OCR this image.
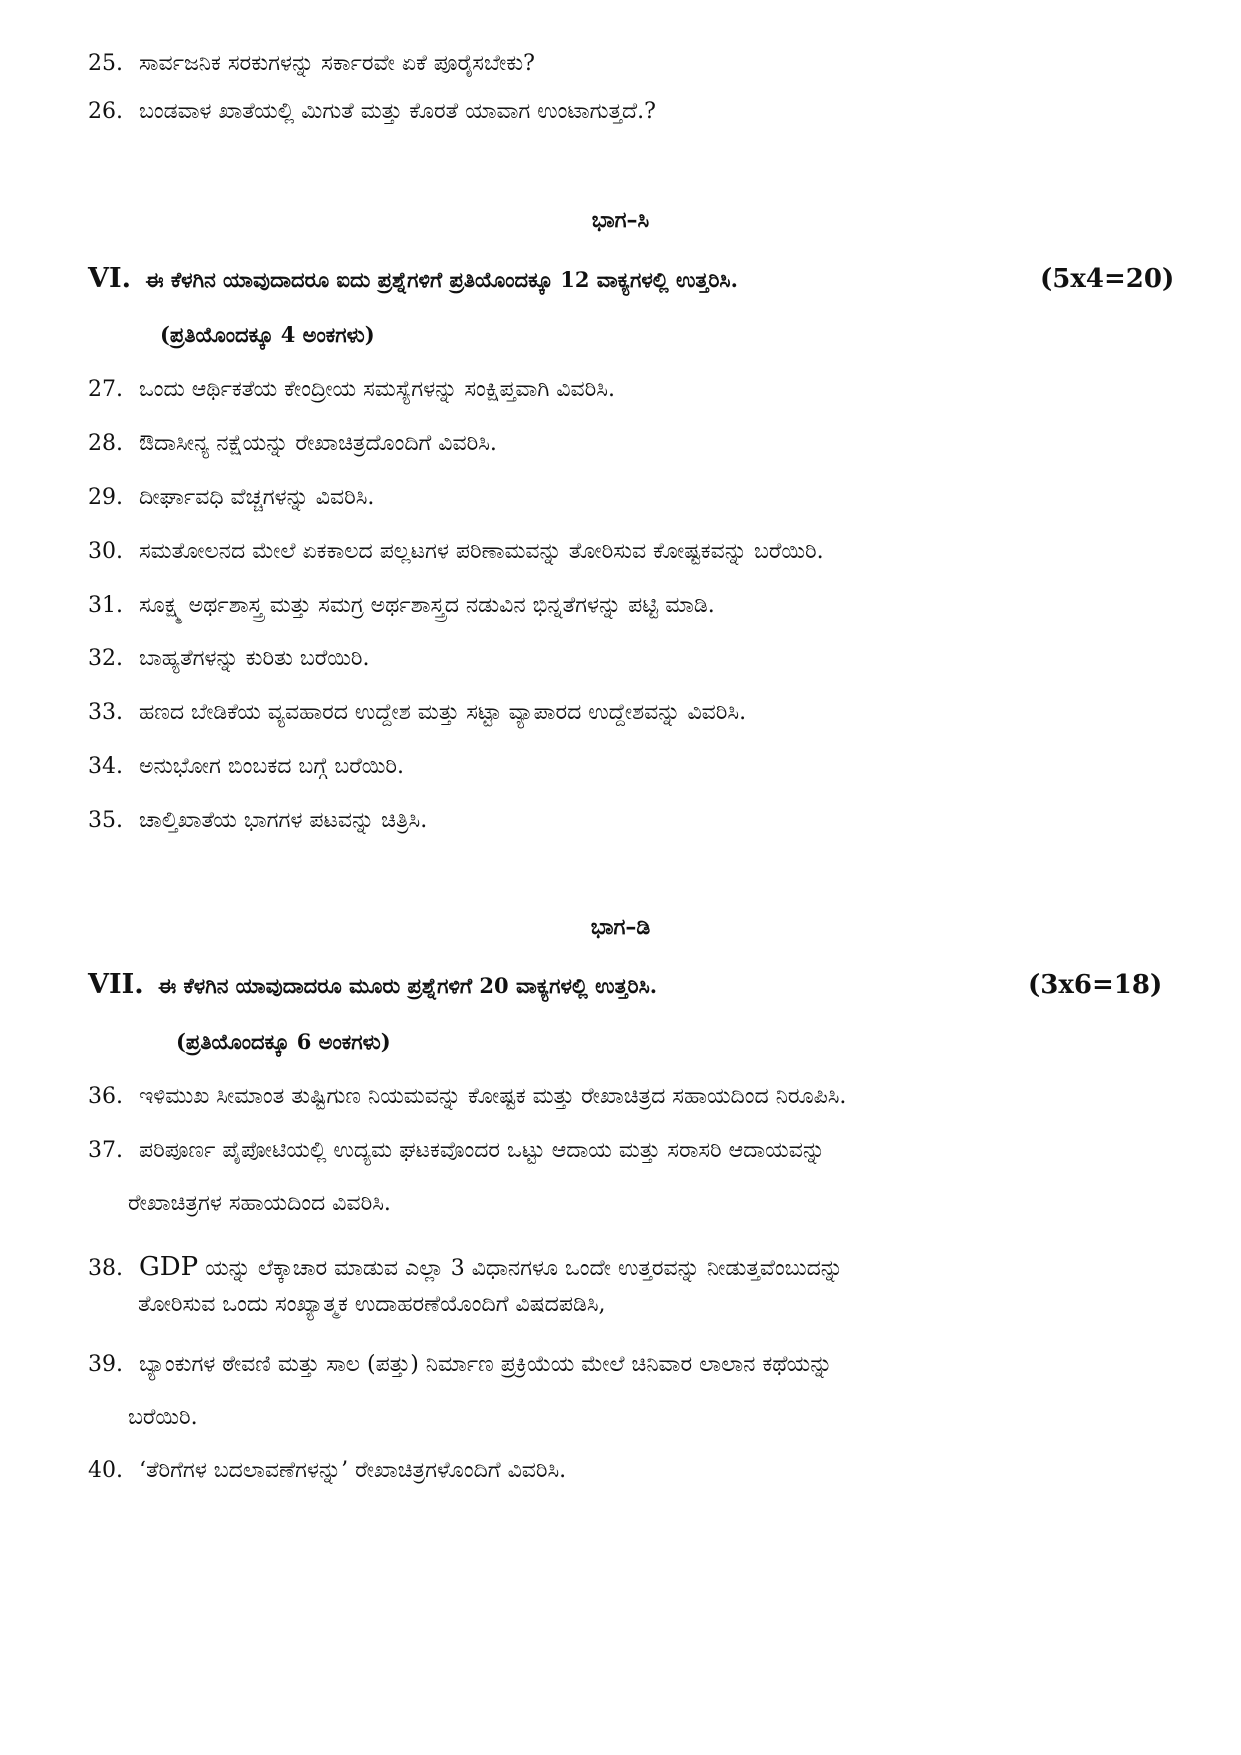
25. ಸಾರ್ವಜನಿಕ ಸರಕುಗಳನ್ನು ಸರ್ಕಾರವೇ ಏಕೆ ಪೂರೈಸಬೇಕು?
26. ಬಂಡವಾಳ ಖಾತೆಯಲ್ಲಿ ಮಿಗುತೆ ಮತ್ತು ಕೊರತೆ ಯಾವಾಗ ಉಂಟಾಗುತ್ತದೆ.?
ಭಾಗ–ಸಿ
VI. ಈ ಕೆಳಗಿನ ಯಾವುದಾದರೂ ಐದು ಪ್ರಶ್ನೆಗಳಿಗೆ ಪ್ರತಿಯೊಂದಕ್ಕೂ 12 ವಾಕ್ಯಗಳಲ್ಲಿ ಉತ್ತರಿಸಿ.	(5x4=20)
(ಪ್ರತಿಯೊಂದಕ್ಕೂ 4 ಅಂಕಗಳು)
27. ಒಂದು ಆರ್ಥಿಕತೆಯ ಕೇಂದ್ರೀಯ ಸಮಸ್ಯೆಗಳನ್ನು ಸಂಕ್ಷಿಪ್ತವಾಗಿ ವಿವರಿಸಿ.
28. ಔದಾಸೀನ್ಯ ನಕ್ಷೆಯನ್ನು ರೇಖಾಚಿತ್ರದೊಂದಿಗೆ ವಿವರಿಸಿ.
29. ದೀರ್ಘಾವಧಿ ವೆಚ್ಚಗಳನ್ನು ವಿವರಿಸಿ.
30. ಸಮತೋಲನದ ಮೇಲೆ ಏಕಕಾಲದ ಪಲ್ಲಟಗಳ ಪರಿಣಾಮವನ್ನು ತೋರಿಸುವ ಕೋಷ್ಟಕವನ್ನು ಬರೆಯಿರಿ.
31. ಸೂಕ್ಷ್ಮ ಅರ್ಥಶಾಸ್ತ್ರ ಮತ್ತು ಸಮಗ್ರ ಅರ್ಥಶಾಸ್ತ್ರದ ನಡುವಿನ ಭಿನ್ನತೆಗಳನ್ನು ಪಟ್ಟಿ ಮಾಡಿ.
32. ಬಾಹ್ಯತೆಗಳನ್ನು ಕುರಿತು ಬರೆಯಿರಿ.
33. ಹಣದ ಬೇಡಿಕೆಯ ವ್ಯವಹಾರದ ಉದ್ದೇಶ ಮತ್ತು ಸಟ್ಟಾ ವ್ಯಾಪಾರದ ಉದ್ದೇಶವನ್ನು ವಿವರಿಸಿ.
34. ಅನುಭೋಗ ಬಿಂಬಕದ ಬಗ್ಗೆ ಬರೆಯಿರಿ.
35. ಚಾಲ್ತಿಖಾತೆಯ ಭಾಗಗಳ ಪಟವನ್ನು ಚಿತ್ರಿಸಿ.
ಭಾಗ–ಡಿ
VII. ಈ ಕೆಳಗಿನ ಯಾವುದಾದರೂ ಮೂರು ಪ್ರಶ್ನೆಗಳಿಗೆ 20 ವಾಕ್ಯಗಳಲ್ಲಿ ಉತ್ತರಿಸಿ.	(3x6=18)
(ಪ್ರತಿಯೊಂದಕ್ಕೂ 6 ಅಂಕಗಳು)
36. ಇಳಿಮುಖ ಸೀಮಾಂತ ತುಷ್ಟಿಗುಣ ನಿಯಮವನ್ನು ಕೋಷ್ಟಕ ಮತ್ತು ರೇಖಾಚಿತ್ರದ ಸಹಾಯದಿಂದ ನಿರೂಪಿಸಿ.
37. ಪರಿಪೂರ್ಣ ಪೈಪೋಟಿಯಲ್ಲಿ ಉದ್ಯಮ ಘಟಕವೊಂದರ ಒಟ್ಟು ಆದಾಯ ಮತ್ತು ಸರಾಸರಿ ಆದಾಯವನ್ನು
ರೇಖಾಚಿತ್ರಗಳ ಸಹಾಯದಿಂದ ವಿವರಿಸಿ.
38. GDP ಯನ್ನು ಲೆಕ್ಕಾಚಾರ ಮಾಡುವ ಎಲ್ಲಾ 3 ವಿಧಾನಗಳೂ ಒಂದೇ ಉತ್ತರವನ್ನು ನೀಡುತ್ತವೆಂಬುದನ್ನು
ತೋರಿಸುವ ಒಂದು ಸಂಖ್ಯಾತ್ಮಕ ಉದಾಹರಣೆಯೊಂದಿಗೆ ವಿಷದಪಡಿಸಿ,
39. ಬ್ಯಾಂಕುಗಳ ಠೇವಣಿ ಮತ್ತು ಸಾಲ (ಪತ್ತು) ನಿರ್ಮಾಣ ಪ್ರಕ್ರಿಯೆಯ ಮೇಲೆ ಚಿನಿವಾರ ಲಾಲಾನ ಕಥೆಯನ್ನು
ಬರೆಯಿರಿ.
40. ‘ತೆರಿಗೆಗಳ ಬದಲಾವಣೆಗಳನ್ನು’ ರೇಖಾಚಿತ್ರಗಳೊಂದಿಗೆ ವಿವರಿಸಿ.
